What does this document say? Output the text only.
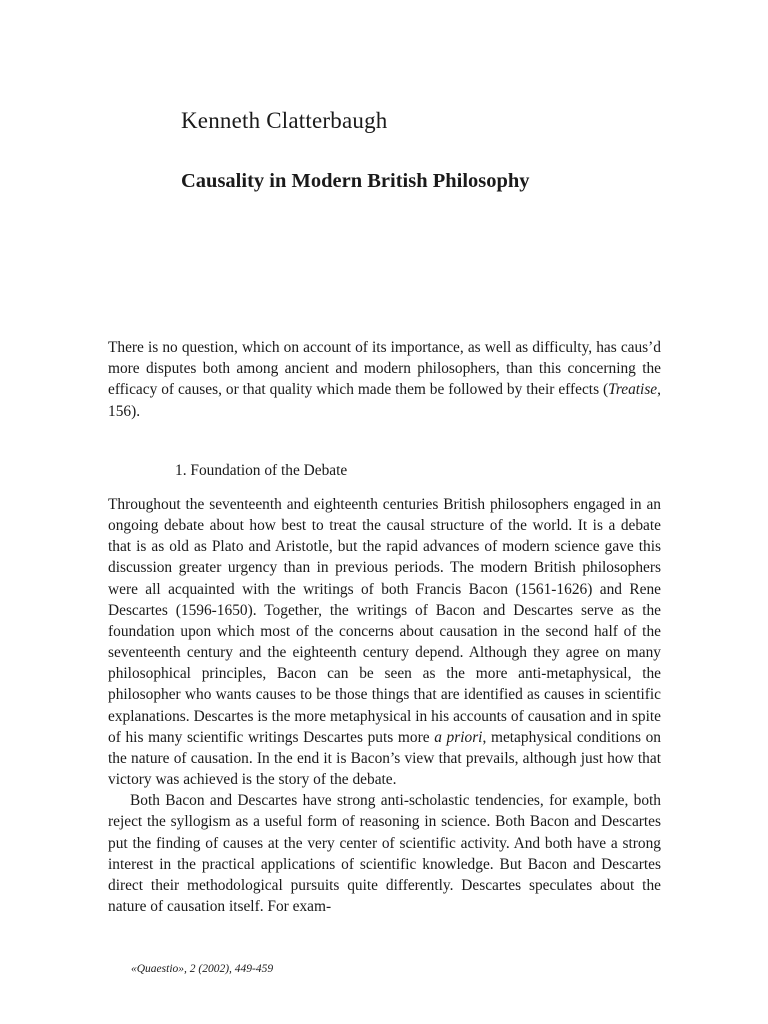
Kenneth Clatterbaugh
Causality in Modern British Philosophy
There is no question, which on account of its importance, as well as difficulty, has caus’d more disputes both among ancient and modern philosophers, than this concerning the efficacy of causes, or that quality which made them be followed by their effects (Treatise, 156).
1. Foundation of the Debate

Throughout the seventeenth and eighteenth centuries British philosophers engaged in an ongoing debate about how best to treat the causal structure of the world. It is a debate that is as old as Plato and Aristotle, but the rapid advances of modern science gave this discussion greater urgency than in previous periods. The modern British philosophers were all acquainted with the writings of both Francis Bacon (1561-1626) and Rene Descartes (1596-1650). Together, the writings of Bacon and Descartes serve as the foundation upon which most of the concerns about causation in the second half of the seventeenth century and the eighteenth century depend. Although they agree on many philosophical principles, Bacon can be seen as the more anti-metaphysical, the philosopher who wants causes to be those things that are identified as causes in scientific explanations. Descartes is the more metaphysical in his accounts of causation and in spite of his many scientific writings Descartes puts more a priori, metaphysical conditions on the nature of causation. In the end it is Bacon’s view that prevails, although just how that victory was achieved is the story of the debate.

Both Bacon and Descartes have strong anti-scholastic tendencies, for example, both reject the syllogism as a useful form of reasoning in science. Both Bacon and Descartes put the finding of causes at the very center of scientific activity. And both have a strong interest in the practical applications of scientific knowledge. But Bacon and Descartes direct their methodological pursuits quite differently. Descartes speculates about the nature of causation itself. For exam-

«Quaestio», 2 (2002), 449-459
